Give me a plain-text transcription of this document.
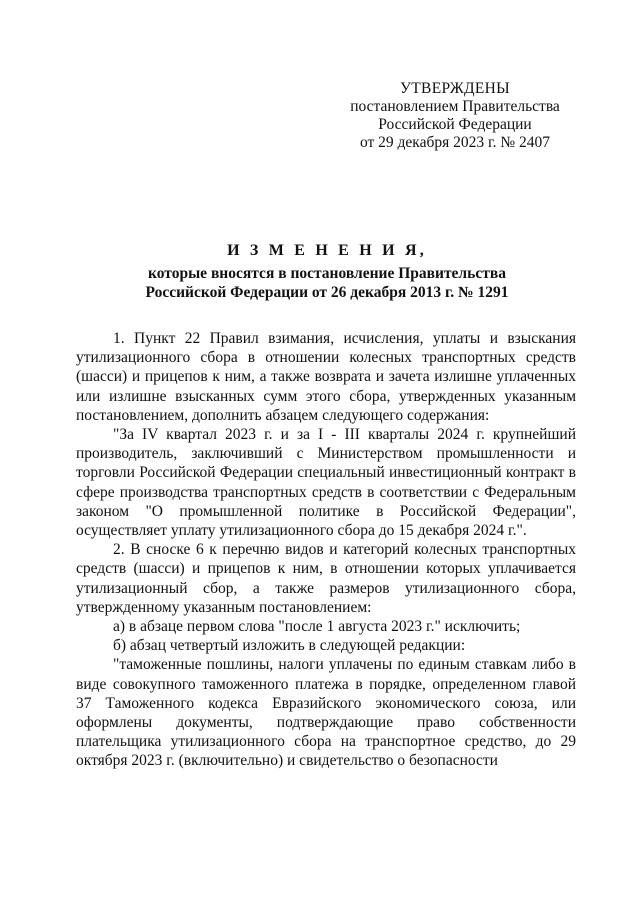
УТВЕРЖДЕНЫ
постановлением Правительства
Российской Федерации
от 29 декабря 2023 г. № 2407
И З М Е Н Е Н И Я,
которые вносятся в постановление Правительства
Российской Федерации от 26 декабря 2013 г. № 1291

1. Пункт 22 Правил взимания, исчисления, уплаты и взыскания утилизационного сбора в отношении колесных транспортных средств (шасси) и прицепов к ним, а также возврата и зачета излишне уплаченных или излишне взысканных сумм этого сбора, утвержденных указанным постановлением, дополнить абзацем следующего содержания:

"За IV квартал 2023 г. и за I - III кварталы 2024 г. крупнейший производитель, заключивший с Министерством промышленности и торговли Российской Федерации специальный инвестиционный контракт в сфере производства транспортных средств в соответствии с Федеральным законом "О промышленной политике в Российской Федерации", осуществляет уплату утилизационного сбора до 15 декабря 2024 г.".

2. В сноске 6 к перечню видов и категорий колесных транспортных средств (шасси) и прицепов к ним, в отношении которых уплачивается утилизационный сбор, а также размеров утилизационного сбора, утвержденному указанным постановлением:

а) в абзаце первом слова "после 1 августа 2023 г." исключить;

б) абзац четвертый изложить в следующей редакции:

"таможенные пошлины, налоги уплачены по единым ставкам либо в виде совокупного таможенного платежа в порядке, определенном главой 37 Таможенного кодекса Евразийского экономического союза, или оформлены документы, подтверждающие право собственности плательщика утилизационного сбора на транспортное средство, до 29 октября 2023 г. (включительно) и свидетельство о безопасности
